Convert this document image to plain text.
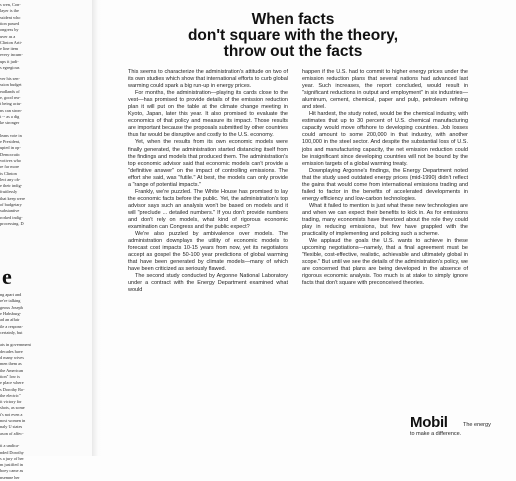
s wen, Con-
layer is the
ssident who
tion passed
ongress by
uver as a
Clinton Arti-
e line item
every incum-
ups it judi-
s egregious
ver his sen-
ssion budget
eadlands of
e, good rea-
t being actu-
ns can stron-
t -- as a dig
ke stronger
leans vote in
e President,
upied in op-
Democratic
votives who
re far more
ts Clinton
lect any ob-
e their indig-
fruitlessly
that keep were
of budgetary
substantive
rorked indig-
processing. D
e
ng apart and
re're talking
geous Joseph
e Habsburg-
ad an affair
ile a respons-
certainly, but
ats in government
decades have
d many wives
men them as
the American
tion" low is
e place where
s Dorothy Ro-
the electric"
it victory for
shots, as some
t's not even a
nost women in
naly U states
ason of affec-
ti a undica-
nded Dorothy
s a jury of her
m justified in
boey came as
nsemne her
When facts
don't square with the theory,
throw out the facts

This seems to characterize the administration's attitude on two of its own studies which show that international efforts to curb global warming could spark a big run-up in energy prices.

For months, the administration—playing its cards close to the vest—has promised to provide details of the emission reduction plan it will put on the table at the climate change meeting in Kyoto, Japan, later this year. It also promised to evaluate the economics of that policy and measure its impact. Those results are important because the proposals submitted by other countries thus far would be disruptive and costly to the U.S. economy.

Yet, when the results from its own economic models were finally generated, the administration started distancing itself from the findings and models that produced them. The administration's top economic advisor said that economic models can't provide a "definitive answer" on the impact of controlling emissions. The effort she said, was "futile." At best, the models can only provide a "range of potential impacts."

Frankly, we're puzzled. The White House has promised to lay the economic facts before the public. Yet, the administration's top advisor says such an analysis won't be based on models and it will "preclude ... detailed numbers." If you don't provide numbers and don't rely on models, what kind of rigorous economic examination can Congress and the public expect?

We're also puzzled by ambivalence over models. The administration downplays the utility of economic models to forecast cost impacts 10-15 years from now, yet its negotiators accept as gospel the 50-100 year predictions of global warming that have been generated by climate models—many of which have been criticized as seriously flawed.

The second study conducted by Argonne National Laboratory under a contract with the Energy Department examined what would

happen if the U.S. had to commit to higher energy prices under the emission reduction plans that several nations had advanced last year. Such increases, the report concluded, would result in "significant reductions in output and employment" in six industries—aluminum, cement, chemical, paper and pulp, petroleum refining and steel.

Hit hardest, the study noted, would be the chemical industry, with estimates that up to 30 percent of U.S. chemical manufacturing capacity would move offshore to developing countries. Job losses could amount to some 200,000 in that industry, with another 100,000 in the steel sector. And despite the substantial loss of U.S. jobs and manufacturing capacity, the net emission reduction could be insignificant since developing countries will not be bound by the emission targets of a global warming treaty.

Downplaying Argonne's findings, the Energy Department noted that the study used outdated energy prices (mid-1990) didn't reflect the gains that would come from international emissions trading and failed to factor in the benefits of accelerated developments in energy efficiency and low-carbon technologies.

What it failed to mention is just what these new technologies are and when we can expect their benefits to kick in. As for emissions trading, many economists have theorized about the role they could play in reducing emissions, but few have grappled with the practicality of implementing and policing such a scheme.

We applaud the goals the U.S. wants to achieve in these upcoming negotiations—namely, that a final agreement must be "flexible, cost-effective, realistic, achievable and ultimately global in scope." But until we see the details of the administration's policy, we are concerned that plans are being developed in the absence of rigorous economic analysis. Too much is at stake to simply ignore facts that don't square with preconceived theories.

Mobil	The energy
to make a difference.
